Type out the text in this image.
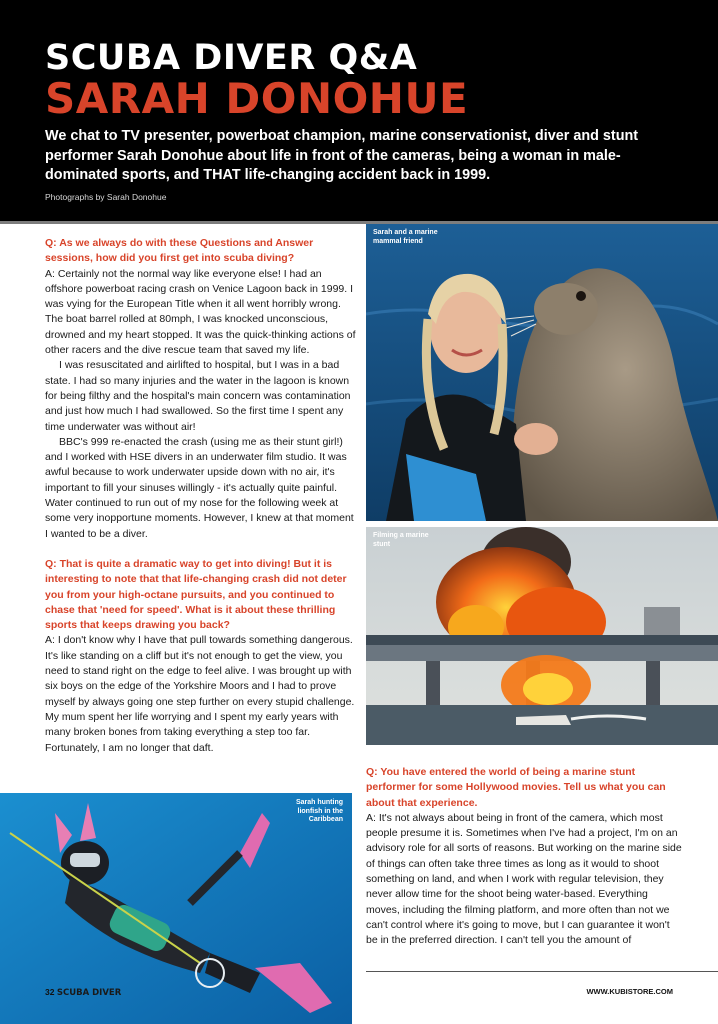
SCUBA DIVER Q&A
SARAH DONOHUE
We chat to TV presenter, powerboat champion, marine conservationist, diver and stunt performer Sarah Donohue about life in front of the cameras, being a woman in male-dominated sports, and THAT life-changing accident back in 1999.
Photographs by Sarah Donohue

Q: As we always do with these Questions and Answer sessions, how did you first get into scuba diving?

A: Certainly not the normal way like everyone else! I had an offshore powerboat racing crash on Venice Lagoon back in 1999. I was vying for the European Title when it all went horribly wrong. The boat barrel rolled at 80mph, I was knocked unconscious, drowned and my heart stopped. It was the quick-thinking actions of other racers and the dive rescue team that saved my life.

I was resuscitated and airlifted to hospital, but I was in a bad state. I had so many injuries and the water in the lagoon is known for being filthy and the hospital's main concern was contamination and just how much I had swallowed. So the first time I spent any time underwater was without air!

BBC's 999 re-enacted the crash (using me as their stunt girl!) and I worked with HSE divers in an underwater film studio. It was awful because to work underwater upside down with no air, it's important to fill your sinuses willingly - it's actually quite painful. Water continued to run out of my nose for the following week at some very inopportune moments. However, I knew at that moment I wanted to be a diver.

Q: That is quite a dramatic way to get into diving! But it is interesting to note that that life-changing crash did not deter you from your high-octane pursuits, and you continued to chase that 'need for speed'. What is it about these thrilling sports that keeps drawing you back?

A: I don't know why I have that pull towards something dangerous. It's like standing on a cliff but it's not enough to get the view, you need to stand right on the edge to feel alive. I was brought up with six boys on the edge of the Yorkshire Moors and I had to prove myself by always going one step further on every stupid challenge. My mum spent her life worrying and I spent my early years with many broken bones from taking everything a step too far. Fortunately, I am no longer that daft.

Sarah and a marine mammal friend
Filming a marine stunt

Q: You have entered the world of being a marine stunt performer for some Hollywood movies. Tell us what you can about that experience.

A: It's not always about being in front of the camera, which most people presume it is. Sometimes when I've had a project, I'm on an advisory role for all sorts of reasons. But working on the marine side of things can often take three times as long as it would to shoot something on land, and when I work with regular television, they never allow time for the shoot being water-based. Everything moves, including the filming platform, and more often than not we can't control where it's going to move, but I can guarantee it won't be in the preferred direction. I can't tell you the amount of

Sarah hunting lionfish in the Caribbean
32 SCUBA DIVER	WWW.KUBISTORE.COM
